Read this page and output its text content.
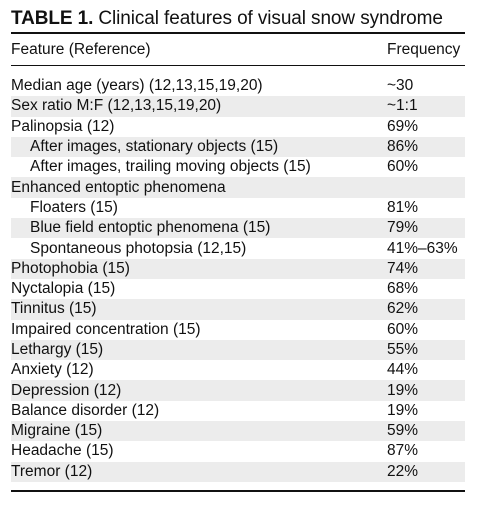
TABLE 1. Clinical features of visual snow syndrome
Feature (Reference)	Frequency
Median age (years) (12,13,15,19,20)	~30
Sex ratio M:F (12,13,15,19,20)	~1:1
Palinopsia (12)	69%
After images, stationary objects (15)	86%
After images, trailing moving objects (15)	60%
Enhanced entoptic phenomena
Floaters (15)	81%
Blue field entoptic phenomena (15)	79%
Spontaneous photopsia (12,15)	41%–63%
Photophobia (15)	74%
Nyctalopia (15)	68%
Tinnitus (15)	62%
Impaired concentration (15)	60%
Lethargy (15)	55%
Anxiety (12)	44%
Depression (12)	19%
Balance disorder (12)	19%
Migraine (15)	59%
Headache (15)	87%
Tremor (12)	22%
